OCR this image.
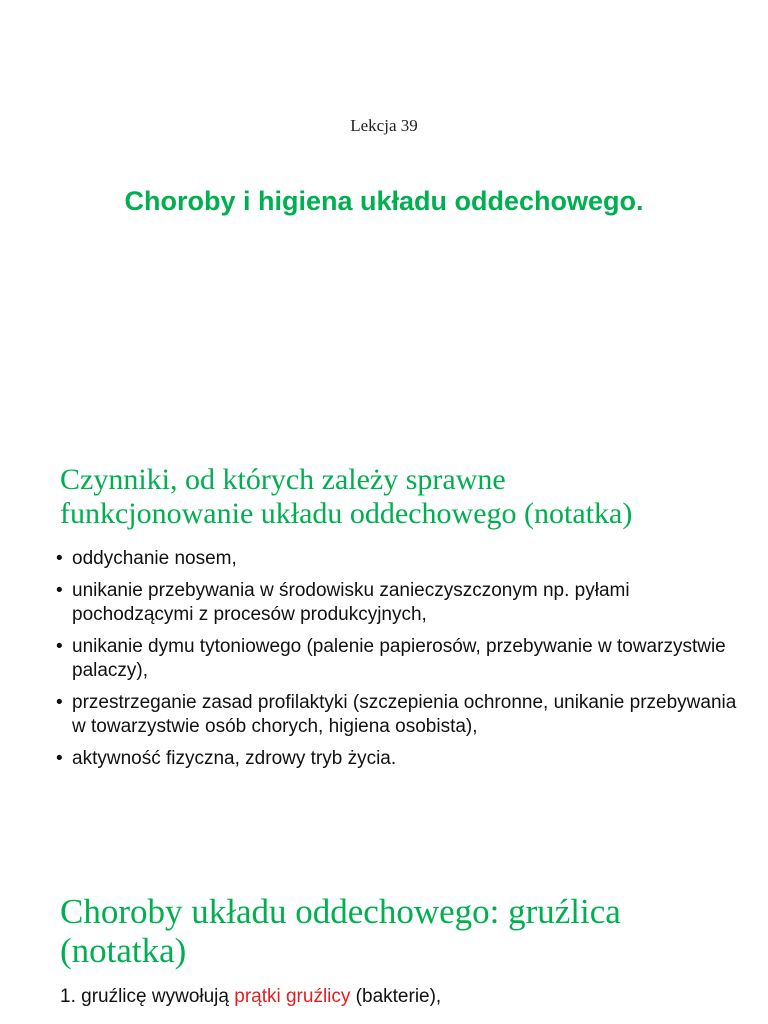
Lekcja 39
Choroby i higiena układu oddechowego.
Czynniki, od których zależy sprawne
funkcjonowanie układu oddechowego (notatka)
• oddychanie nosem,
• unikanie przebywania w środowisku zanieczyszczonym np. pyłami pochodzącymi z procesów produkcyjnych,
• unikanie dymu tytoniowego (palenie papierosów, przebywanie w towarzystwie palaczy),
• przestrzeganie zasad profilaktyki (szczepienia ochronne, unikanie przebywania w towarzystwie osób chorych, higiena osobista),
• aktywność fizyczna, zdrowy tryb życia.
Choroby układu oddechowego: gruźlica
(notatka)
1. gruźlicę wywołują prątki gruźlicy (bakterie),
